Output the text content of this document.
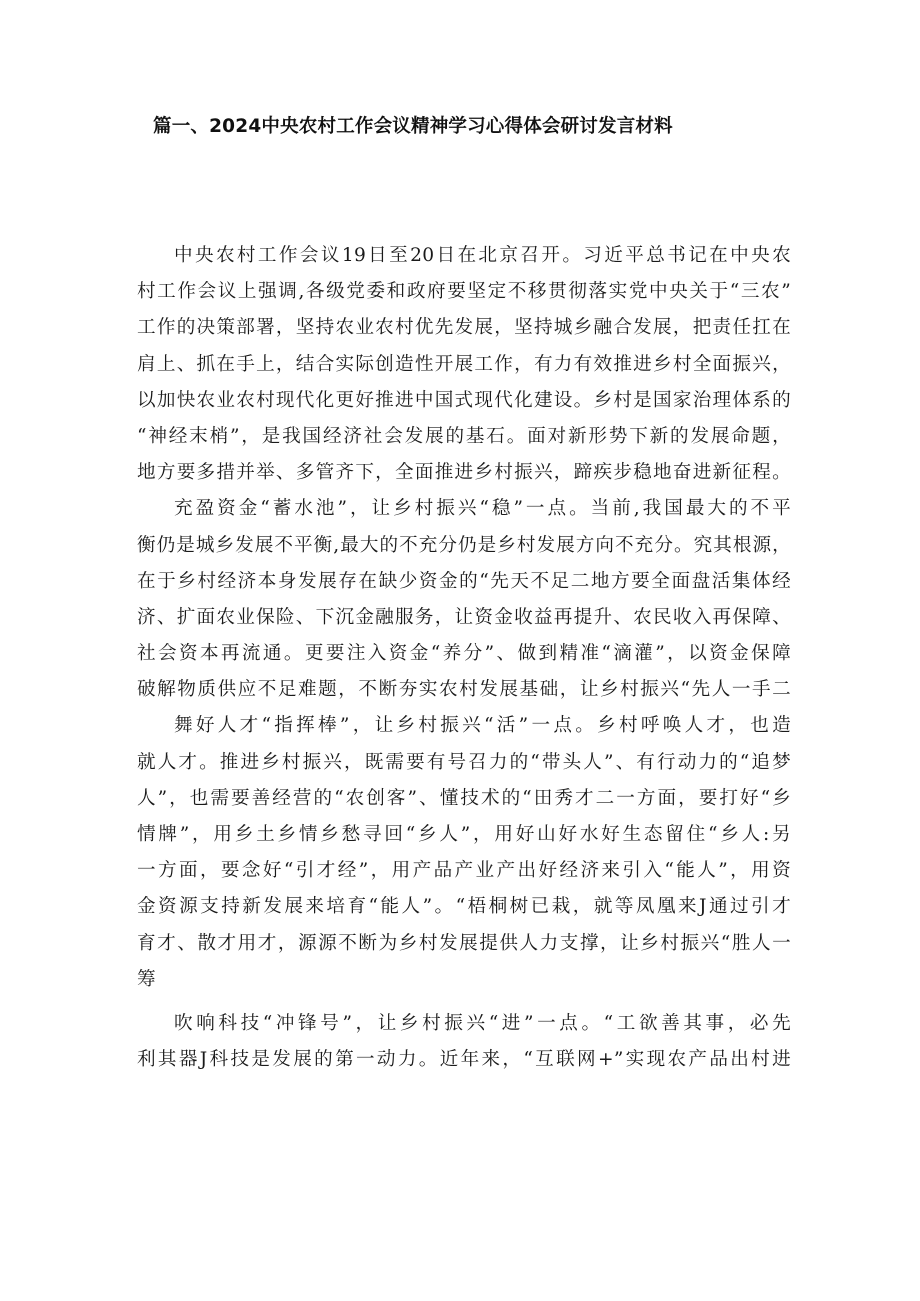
篇一、2024中央农村工作会议精神学习心得体会研讨发言材料
中央农村工作会议19日至20日在北京召开。习近平总书记在中央农
村工作会议上强调,各级党委和政府要坚定不移贯彻落实党中央关于“三农”
工作的决策部署，坚持农业农村优先发展，坚持城乡融合发展，把责任扛在
肩上、抓在手上，结合实际创造性开展工作，有力有效推进乡村全面振兴，
以加快农业农村现代化更好推进中国式现代化建设。乡村是国家治理体系的
“神经末梢”，是我国经济社会发展的基石。面对新形势下新的发展命题，
地方要多措并举、多管齐下，全面推进乡村振兴，蹄疾步稳地奋进新征程。
充盈资金“蓄水池”，让乡村振兴“稳”一点。当前,我国最大的不平
衡仍是城乡发展不平衡,最大的不充分仍是乡村发展方向不充分。究其根源，
在于乡村经济本身发展存在缺少资金的“先天不足二地方要全面盘活集体经
济、扩面农业保险、下沉金融服务，让资金收益再提升、农民收入再保障、
社会资本再流通。更要注入资金“养分”、做到精准“滴灌”，以资金保障
破解物质供应不足难题，不断夯实农村发展基础，让乡村振兴“先人一手二
舞好人才“指挥棒”，让乡村振兴“活”一点。乡村呼唤人才，也造
就人才。推进乡村振兴，既需要有号召力的“带头人”、有行动力的“追梦
人”，也需要善经营的“农创客”、懂技术的“田秀才二一方面，要打好“乡
情牌”，用乡土乡情乡愁寻回“乡人”，用好山好水好生态留住“乡人:另
一方面，要念好“引才经”，用产品产业产出好经济来引入“能人”，用资
金资源支持新发展来培育“能人”。“梧桐树已栽，就等凤凰来J通过引才
育才、散才用才，源源不断为乡村发展提供人力支撑，让乡村振兴“胜人一
筹
吹响科技“冲锋号”，让乡村振兴“进”一点。“工欲善其事，必先
利其器J科技是发展的第一动力。近年来，“互联网+”实现农产品出村进
